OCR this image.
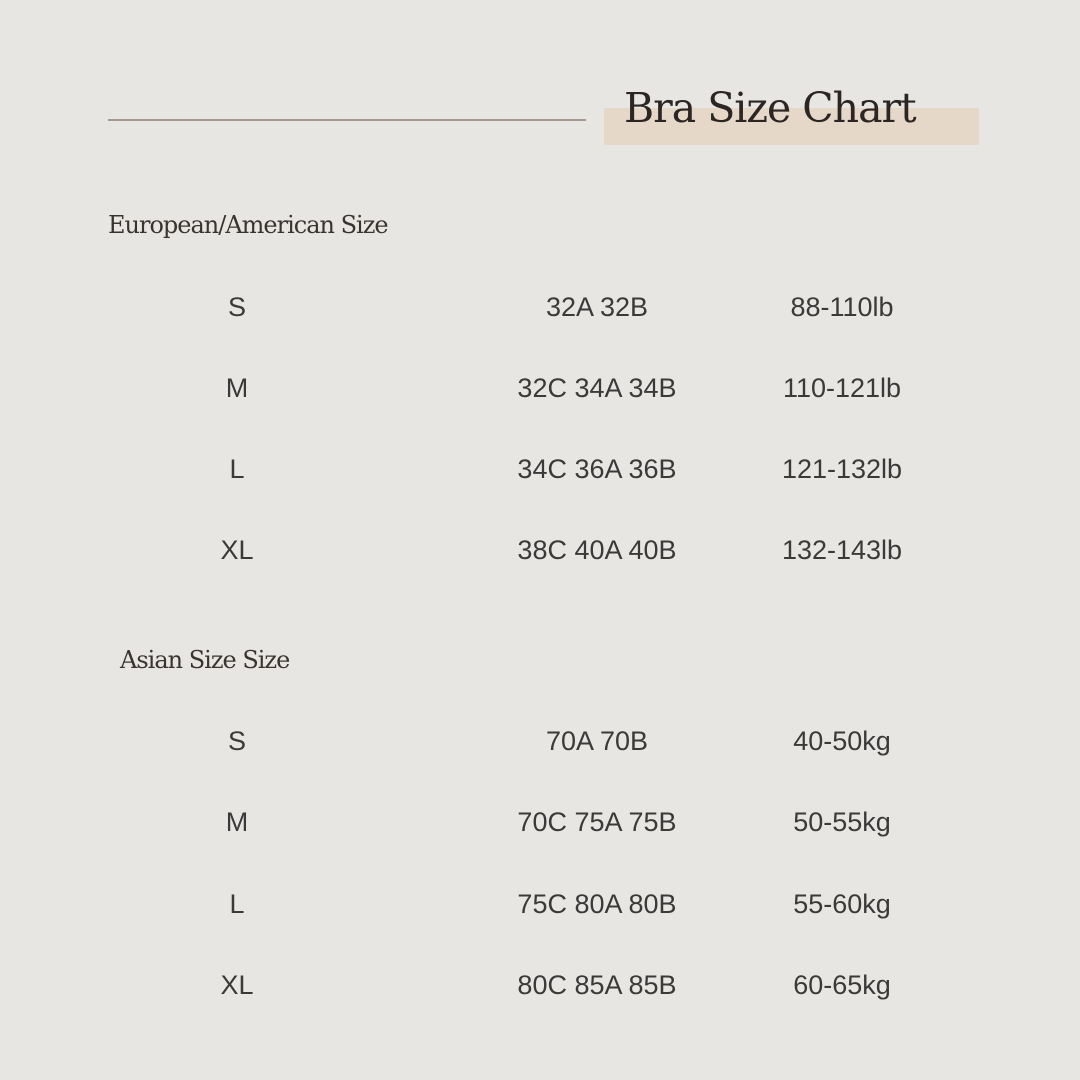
Bra Size Chart
European/American Size
S	32A 32B	88-110lb
M	32C 34A 34B	110-121lb
L	34C 36A 36B	121-132lb
XL	38C 40A 40B	132-143lb
Asian Size Size
S	70A 70B	40-50kg
M	70C 75A 75B	50-55kg
L	75C 80A 80B	55-60kg
XL	80C 85A 85B	60-65kg
